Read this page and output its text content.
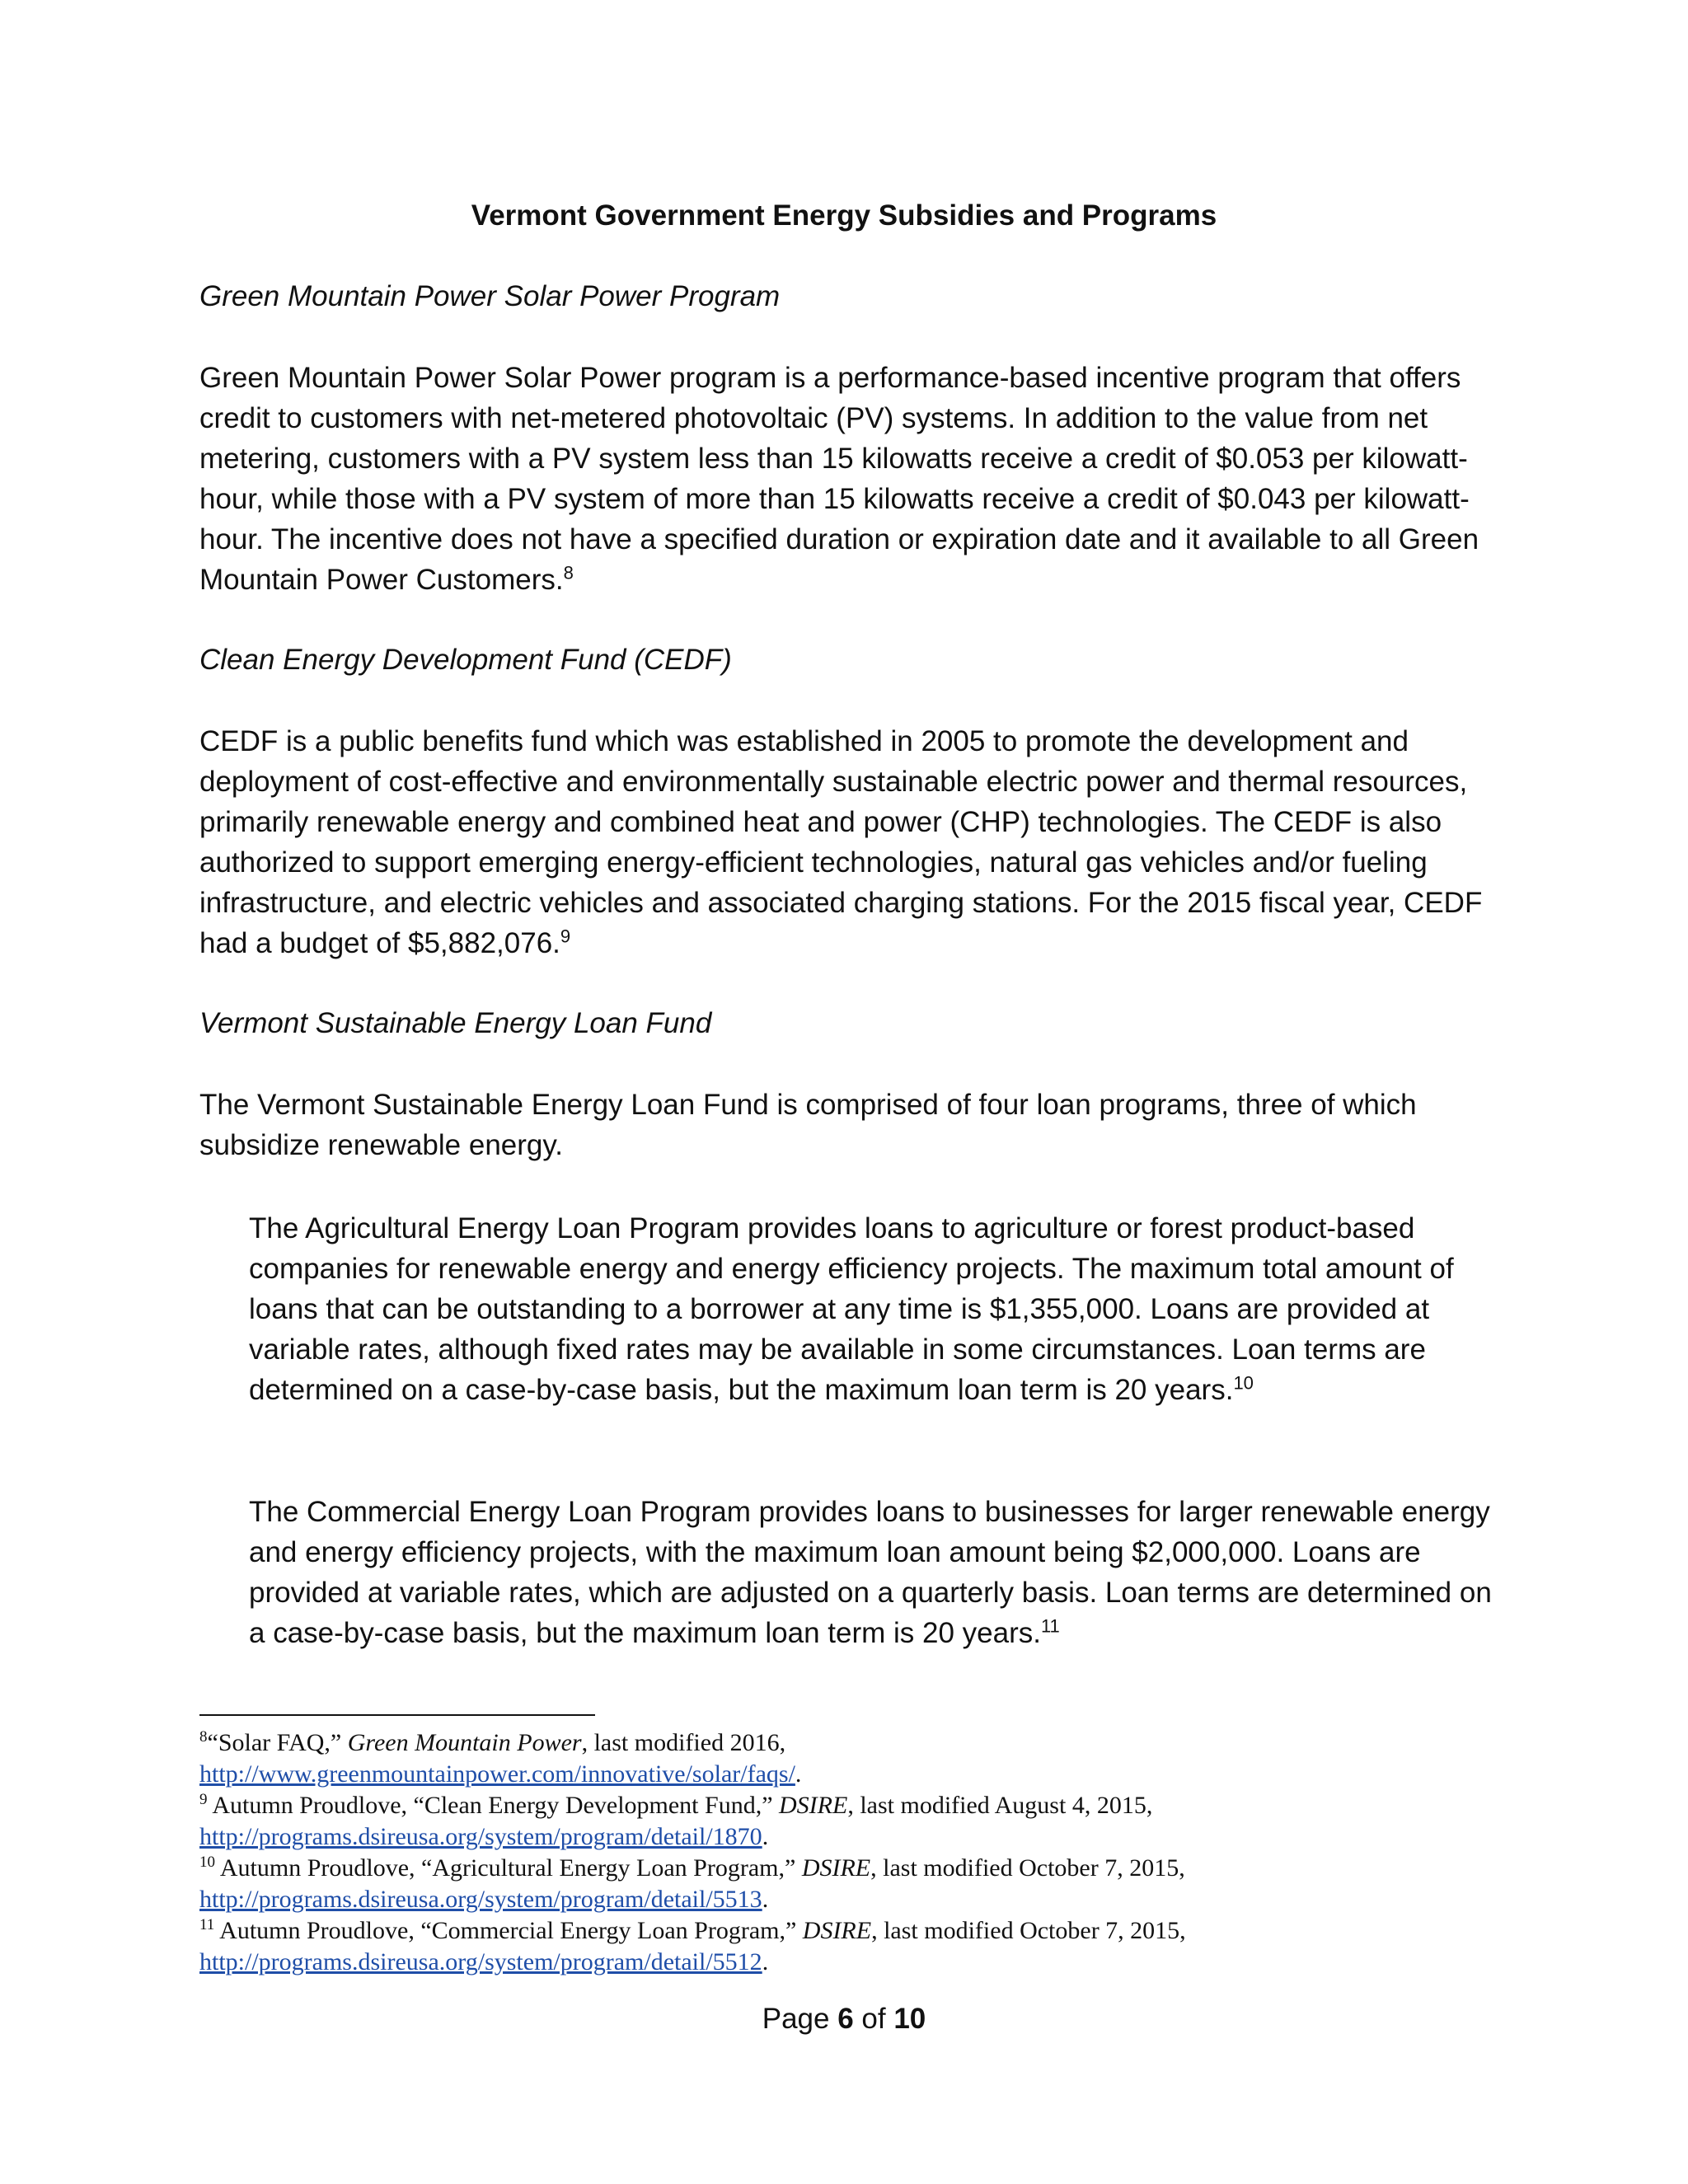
Vermont Government Energy Subsidies and Programs
Green Mountain Power Solar Power Program

Green Mountain Power Solar Power program is a performance-based incentive program that offers credit to customers with net-metered photovoltaic (PV) systems. In addition to the value from net metering, customers with a PV system less than 15 kilowatts receive a credit of $0.053 per kilowatt-hour, while those with a PV system of more than 15 kilowatts receive a credit of $0.043 per kilowatt-hour. The incentive does not have a specified duration or expiration date and it available to all Green Mountain Power Customers.$^8$

Clean Energy Development Fund (CEDF)

CEDF is a public benefits fund which was established in 2005 to promote the development and deployment of cost-effective and environmentally sustainable electric power and thermal resources, primarily renewable energy and combined heat and power (CHP) technologies. The CEDF is also authorized to support emerging energy-efficient technologies, natural gas vehicles and/or fueling infrastructure, and electric vehicles and associated charging stations. For the 2015 fiscal year, CEDF had a budget of $5,882,076.$^9$

Vermont Sustainable Energy Loan Fund

The Vermont Sustainable Energy Loan Fund is comprised of four loan programs, three of which subsidize renewable energy.

The Agricultural Energy Loan Program provides loans to agriculture or forest product-based companies for renewable energy and energy efficiency projects. The maximum total amount of loans that can be outstanding to a borrower at any time is $1,355,000. Loans are provided at variable rates, although fixed rates may be available in some circumstances. Loan terms are determined on a case-by-case basis, but the maximum loan term is 20 years.$^{10}$

The Commercial Energy Loan Program provides loans to businesses for larger renewable energy and energy efficiency projects, with the maximum loan amount being $2,000,000. Loans are provided at variable rates, which are adjusted on a quarterly basis. Loan terms are determined on a case-by-case basis, but the maximum loan term is 20 years.$^{11}$

$^8$“Solar FAQ,” Green Mountain Power, last modified 2016,
http://www.greenmountainpower.com/innovative/solar/faqs/.

$^9$ Autumn Proudlove, “Clean Energy Development Fund,” DSIRE, last modified August 4, 2015,
http://programs.dsireusa.org/system/program/detail/1870.

$^{10}$ Autumn Proudlove, “Agricultural Energy Loan Program,” DSIRE, last modified October 7, 2015,
http://programs.dsireusa.org/system/program/detail/5513.

$^{11}$ Autumn Proudlove, “Commercial Energy Loan Program,” DSIRE, last modified October 7, 2015,
http://programs.dsireusa.org/system/program/detail/5512.

Page 6 of 10
